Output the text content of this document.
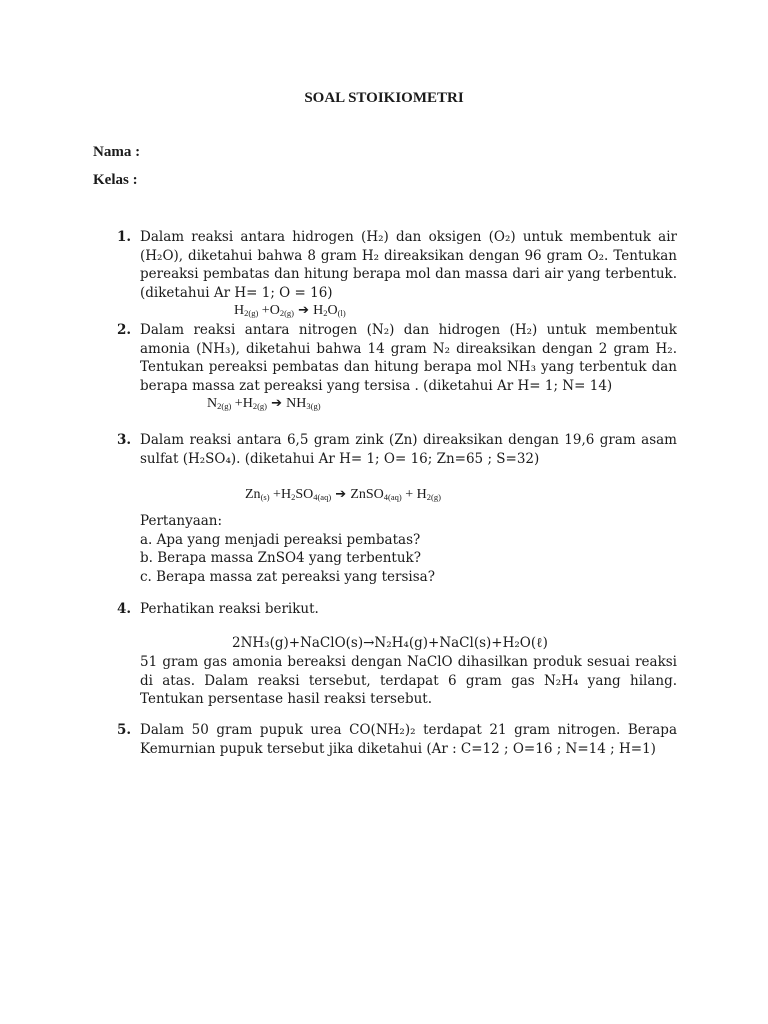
SOAL STOIKIOMETRI
Nama :
Kelas :
1. Dalam reaksi antara hidrogen (H₂) dan oksigen (O₂) untuk membentuk air (H₂O), diketahui bahwa 8 gram H₂ direaksikan dengan 96 gram O₂. Tentukan pereaksi pembatas dan hitung berapa mol dan massa dari air yang terbentuk. (diketahui Ar H= 1; O = 16)
$H_{2(g)} +O_{2(g)}$ ➔ $H_2O_{(l)}$
2. Dalam reaksi antara nitrogen (N₂) dan hidrogen (H₂) untuk membentuk amonia (NH₃), diketahui bahwa 14 gram N₂ direaksikan dengan 2 gram H₂. Tentukan pereaksi pembatas dan hitung berapa mol NH₃ yang terbentuk dan berapa massa zat pereaksi yang tersisa . (diketahui Ar H= 1; N= 14)
$N_{2(g)} +H_{2(g)}$ ➔ $NH_{3(g)}$
3. Dalam reaksi antara 6,5 gram zink (Zn) direaksikan dengan 19,6 gram asam sulfat (H₂SO₄). (diketahui Ar H= 1; O= 16; Zn=65 ; S=32)
$Zn_{(s)} +H_2SO_{4(aq)}$ ➔ ZnSO$_{4(aq)}$ + $H_{2(g)}$
Pertanyaan:
a. Apa yang menjadi pereaksi pembatas?
b. Berapa massa ZnSO4 yang terbentuk?
c. Berapa massa zat pereaksi yang tersisa?
4. Perhatikan reaksi berikut.
2NH₃(g)+NaClO(s)→N₂H₄(g)+NaCl(s)+H₂O(ℓ)
51 gram gas amonia bereaksi dengan NaClO dihasilkan produk sesuai reaksi di atas. Dalam reaksi tersebut, terdapat 6 gram gas N₂H₄ yang hilang. Tentukan persentase hasil reaksi tersebut.
5. Dalam 50 gram pupuk urea CO(NH₂)₂ terdapat 21 gram nitrogen. Berapa Kemurnian pupuk tersebut jika diketahui (Ar : C=12 ; O=16 ; N=14 ; H=1)
